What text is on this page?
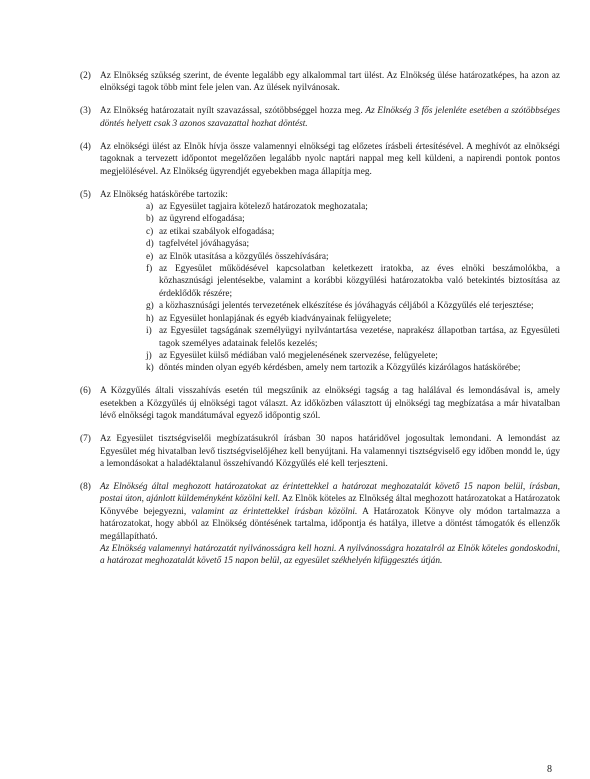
(2) Az Elnökség szükség szerint, de évente legalább egy alkalommal tart ülést. Az Elnökség ülése határozatképes, ha azon az elnökségi tagok több mint fele jelen van. Az ülések nyilvánosak.

(3) Az Elnökség határozatait nyílt szavazással, szótöbbséggel hozza meg. Az Elnökség 3 fős jelenléte esetében a szótöbbséges döntés helyett csak 3 azonos szavazattal hozhat döntést.

(4) Az elnökségi ülést az Elnök hívja össze valamennyi elnökségi tag előzetes írásbeli értesítésével. A meghívót az elnökségi tagoknak a tervezett időpontot megelőzően legalább nyolc naptári nappal meg kell küldeni, a napirendi pontok pontos megjelölésével. Az Elnökség ügyrendjét egyebekben maga állapítja meg.

(5) Az Elnökség hatáskörébe tartozik:

a) az Egyesület tagjaira kötelező határozatok meghozatala;
b) az ügyrend elfogadása;
c) az etikai szabályok elfogadása;
d) tagfelvétel jóváhagyása;
e) az Elnök utasítása a közgyűlés összehívására;
f) az Egyesület működésével kapcsolatban keletkezett iratokba, az éves elnöki beszámolókba, a közhasznúsági jelentésekbe, valamint a korábbi közgyűlési határozatokba való betekintés biztosítása az érdeklődők részére;
g) a közhasznúsági jelentés tervezetének elkészítése és jóváhagyás céljából a Közgyűlés elé terjesztése;
h) az Egyesület honlapjának és egyéb kiadványainak felügyelete;
i) az Egyesület tagságának személyügyi nyilvántartása vezetése, naprakész állapotban tartása, az Egyesületi tagok személyes adatainak felelős kezelés;
j) az Egyesület külső médiában való megjelenésének szervezése, felügyelete;
k) döntés minden olyan egyéb kérdésben, amely nem tartozik a Közgyűlés kizárólagos hatáskörébe;
(6) A Közgyűlés általi visszahívás esetén túl megszűnik az elnökségi tagság a tag halálával és lemondásával is, amely esetekben a Közgyűlés új elnökségi tagot választ. Az időközben választott új elnökségi tag megbízatása a már hivatalban lévő elnökségi tagok mandátumával egyező időpontig szól.

(7) Az Egyesület tisztségviselői megbízatásukról írásban 30 napos határidővel jogosultak lemondani. A lemondást az Egyesület még hivatalban levő tisztségviselőjéhez kell benyújtani. Ha valamennyi tisztségviselő egy időben mondd le, úgy a lemondásokat a haladéktalanul összehívandó Közgyűlés elé kell terjeszteni.

(8) Az Elnökség által meghozott határozatokat az érintettekkel a határozat meghozatalát követő 15 napon belül, írásban, postai úton, ajánlott küldeményként közölni kell. Az Elnök köteles az Elnökség által meghozott határozatokat a Határozatok Könyvébe bejegyezni, valamint az érintettekkel írásban közölni. A Határozatok Könyve oly módon tartalmazza a határozatokat, hogy abból az Elnökség döntésének tartalma, időpontja és hatálya, illetve a döntést támogatók és ellenzők megállapítható.

Az Elnökség valamennyi határozatát nyilvánosságra kell hozni. A nyilvánosságra hozatalról az Elnök köteles gondoskodni, a határozat meghozatalát követő 15 napon belül, az egyesület székhelyén kifüggesztés útján.

8
